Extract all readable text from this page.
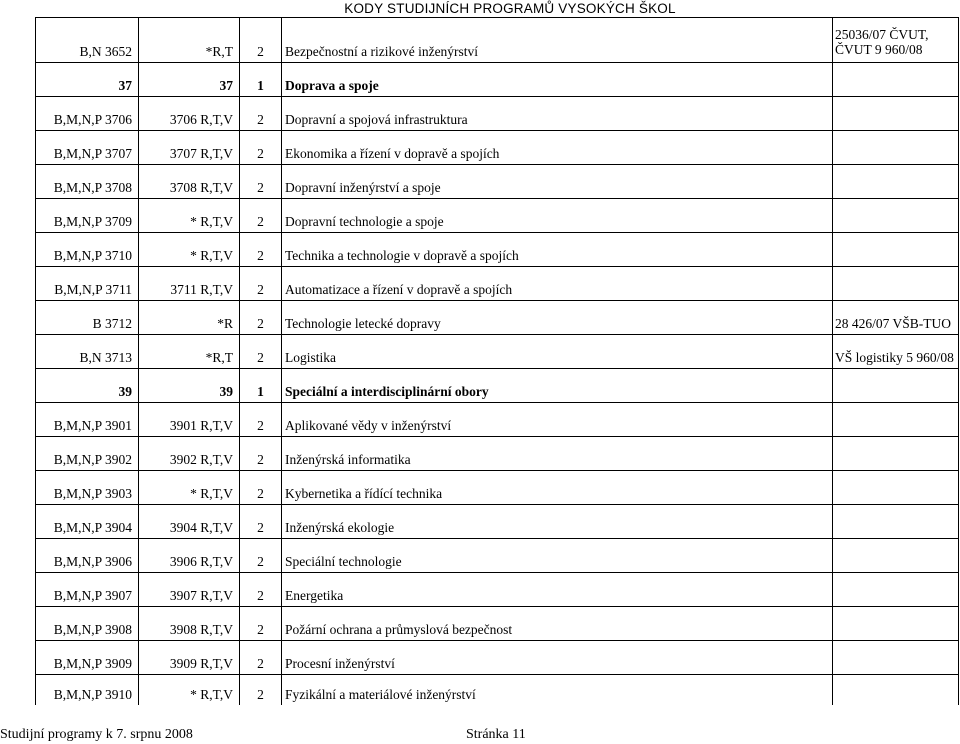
KODY STUDIJNÍCH PROGRAMŮ VYSOKÝCH ŠKOL
B,N 3652	*R,T	2	Bezpečnostní a rizikové inženýrství	25036/07 ČVUT, ČVUT 9 960/08

37	37	1	Doprava a spoje	

B,M,N,P 3706	3706 R,T,V	2	Dopravní a spojová infrastruktura	

B,M,N,P 3707	3707 R,T,V	2	Ekonomika a řízení v dopravě a spojích	

B,M,N,P 3708	3708 R,T,V	2	Dopravní inženýrství a spoje	

B,M,N,P 3709	* R,T,V	2	Dopravní technologie a spoje	

B,M,N,P 3710	* R,T,V	2	Technika a technologie v dopravě a spojích	

B,M,N,P 3711	3711 R,T,V	2	Automatizace a řízení v dopravě a spojích	

B 3712	*R	2	Technologie letecké dopravy	28 426/07 VŠB-TUO

B,N 3713	*R,T	2	Logistika	VŠ logistiky 5 960/08

39	39	1	Speciální a interdisciplinární obory	

B,M,N,P 3901	3901 R,T,V	2	Aplikované vědy v inženýrství	

B,M,N,P 3902	3902 R,T,V	2	Inženýrská informatika	

B,M,N,P 3903	* R,T,V	2	Kybernetika a řídící technika	

B,M,N,P 3904	3904 R,T,V	2	Inženýrská ekologie	

B,M,N,P 3906	3906 R,T,V	2	Speciální technologie	

B,M,N,P 3907	3907 R,T,V	2	Energetika	

B,M,N,P 3908	3908 R,T,V	2	Požární ochrana a průmyslová bezpečnost	

B,M,N,P 3909	3909 R,T,V	2	Procesní inženýrství	

B,M,N,P 3910	* R,T,V	2	Fyzikální a materiálové inženýrství	

Studijní programy k 7. srpnu 2008	Stránka 11
